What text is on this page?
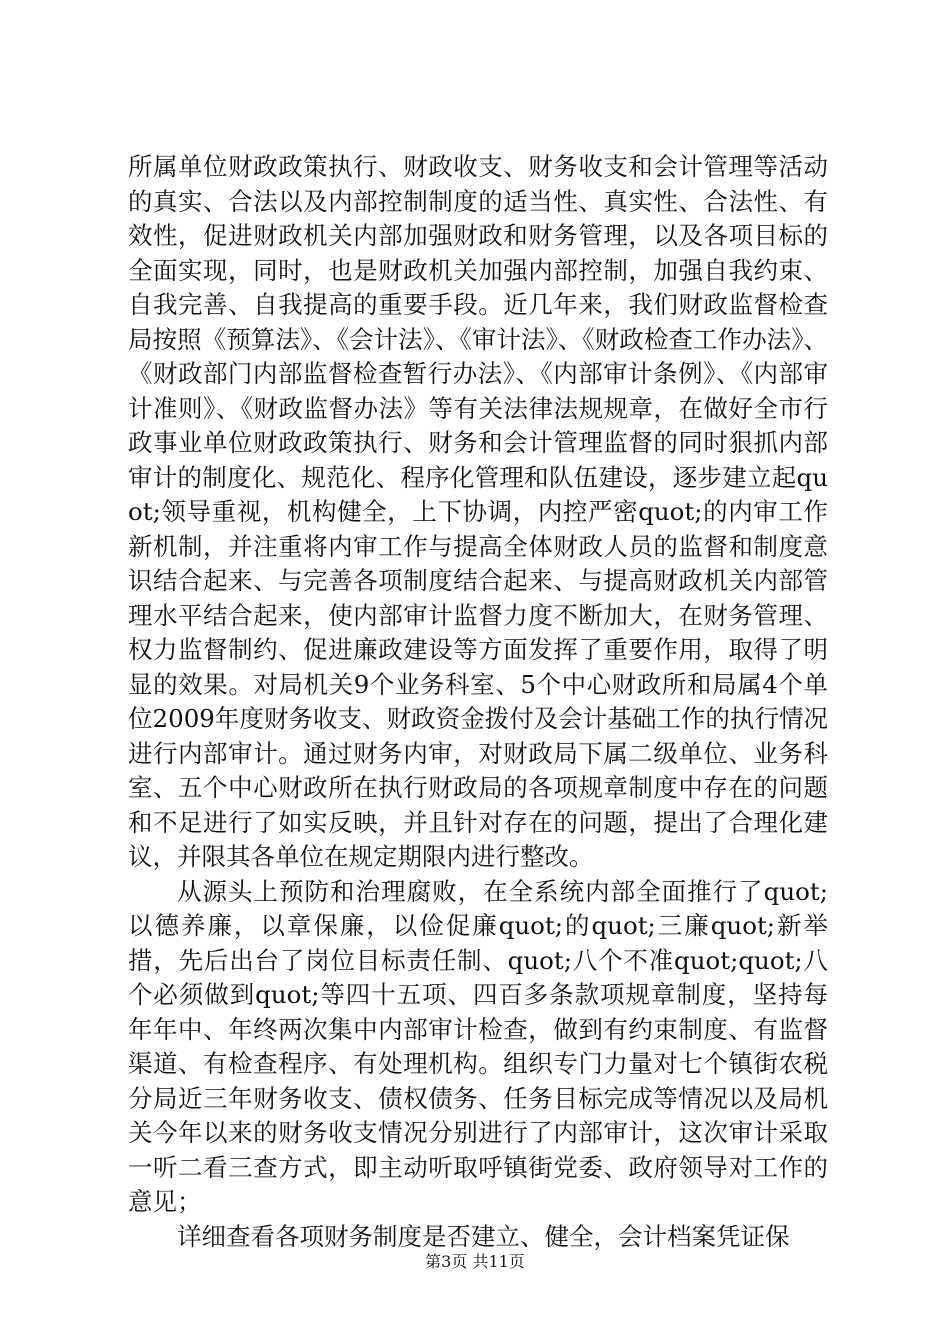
所属单位财政政策执行、财政收支、财务收支和会计管理等活动的真实、合法以及内部控制制度的适当性、真实性、合法性、有效性，促进财政机关内部加强财政和财务管理，以及各项目标的全面实现，同时，也是财政机关加强内部控制，加强自我约束、自我完善、自我提高的重要手段。近几年来，我们财政监督检查局按照《预算法》、《会计法》、《审计法》、《财政检查工作办法》、《财政部门内部监督检查暂行办法》、《内部审计条例》、《内部审计准则》、《财政监督办法》等有关法律法规规章，在做好全市行政事业单位财政政策执行、财务和会计管理监督的同时狠抓内部审计的制度化、规范化、程序化管理和队伍建设，逐步建立起quot;领导重视，机构健全，上下协调，内控严密quot;的内审工作新机制，并注重将内审工作与提高全体财政人员的监督和制度意识结合起来、与完善各项制度结合起来、与提高财政机关内部管理水平结合起来，使内部审计监督力度不断加大，在财务管理、权力监督制约、促进廉政建设等方面发挥了重要作用，取得了明显的效果。对局机关9个业务科室、5个中心财政所和局属4个单位2009年度财务收支、财政资金拨付及会计基础工作的执行情况进行内部审计。通过财务内审，对财政局下属二级单位、业务科室、五个中心财政所在执行财政局的各项规章制度中存在的问题和不足进行了如实反映，并且针对存在的问题，提出了合理化建议，并限其各单位在规定期限内进行整改。

从源头上预防和治理腐败，在全系统内部全面推行了quot;以德养廉，以章保廉，以俭促廉quot;的quot;三廉quot;新举措，先后出台了岗位目标责任制、quot;八个不准quot;quot;八个必须做到quot;等四十五项、四百多条款项规章制度，坚持每年年中、年终两次集中内部审计检查，做到有约束制度、有监督渠道、有检查程序、有处理机构。组织专门力量对七个镇街农税分局近三年财务收支、债权债务、任务目标完成等情况以及局机关今年以来的财务收支情况分别进行了内部审计，这次审计采取一听二看三查方式，即主动听取呼镇街党委、政府领导对工作的意见；

详细查看各项财务制度是否建立、健全，会计档案凭证保

第3页 共11页
